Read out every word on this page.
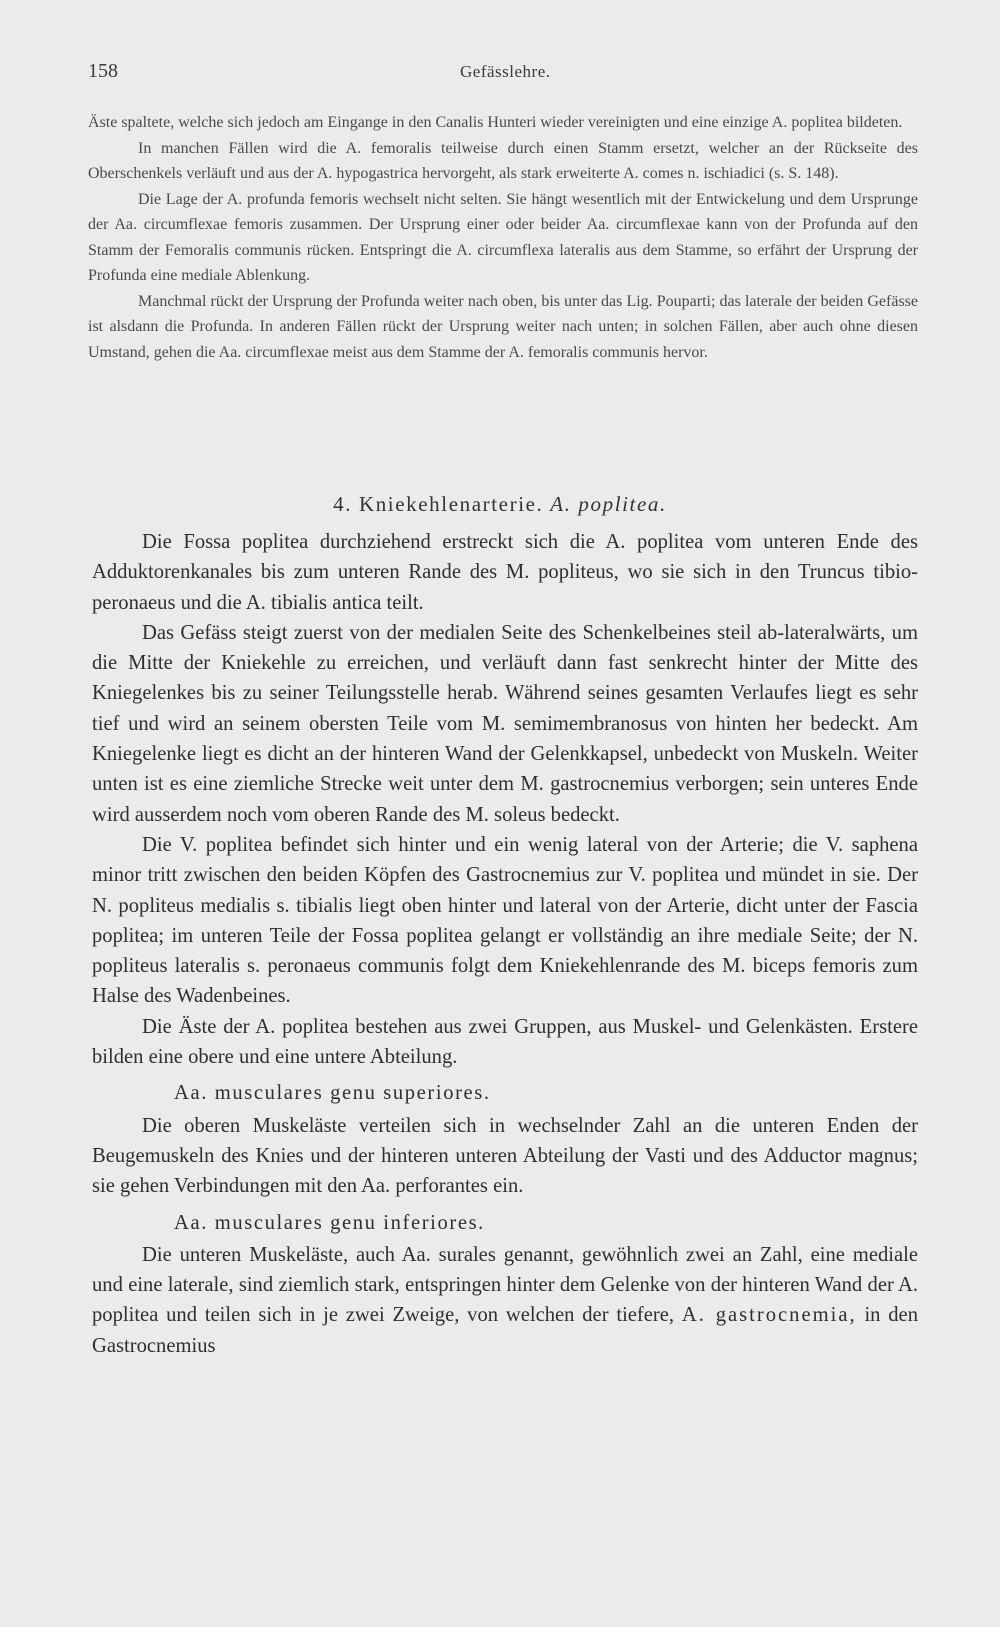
158	Gefässlehre.

Äste spaltete, welche sich jedoch am Eingange in den Canalis Hunteri wieder vereinigten und eine einzige A. poplitea bildeten.

In manchen Fällen wird die A. femoralis teilweise durch einen Stamm ersetzt, welcher an der Rückseite des Oberschenkels verläuft und aus der A. hypogastrica hervorgeht, als stark erweiterte A. comes n. ischiadici (s. S. 148).

Die Lage der A. profunda femoris wechselt nicht selten. Sie hängt wesentlich mit der Entwickelung und dem Ursprunge der Aa. circumflexae femoris zusammen. Der Ursprung einer oder beider Aa. circumflexae kann von der Profunda auf den Stamm der Femoralis communis rücken. Entspringt die A. circumflexa lateralis aus dem Stamme, so erfährt der Ursprung der Profunda eine mediale Ablenkung.

Manchmal rückt der Ursprung der Profunda weiter nach oben, bis unter das Lig. Pouparti; das laterale der beiden Gefässe ist alsdann die Profunda. In anderen Fällen rückt der Ursprung weiter nach unten; in solchen Fällen, aber auch ohne diesen Umstand, gehen die Aa. circumflexae meist aus dem Stamme der A. femoralis communis hervor.

4. Kniekehlenarterie. A. poplitea.

Die Fossa poplitea durchziehend erstreckt sich die A. poplitea vom unteren Ende des Adduktorenkanales bis zum unteren Rande des M. popliteus, wo sie sich in den Truncus tibio-peronaeus und die A. tibialis antica teilt.

Das Gefäss steigt zuerst von der medialen Seite des Schenkelbeines steil ab-lateralwärts, um die Mitte der Kniekehle zu erreichen, und verläuft dann fast senkrecht hinter der Mitte des Kniegelenkes bis zu seiner Teilungsstelle herab. Während seines gesamten Verlaufes liegt es sehr tief und wird an seinem obersten Teile vom M. semimembranosus von hinten her bedeckt. Am Kniegelenke liegt es dicht an der hinteren Wand der Gelenkkapsel, unbedeckt von Muskeln. Weiter unten ist es eine ziemliche Strecke weit unter dem M. gastrocnemius verborgen; sein unteres Ende wird ausserdem noch vom oberen Rande des M. soleus bedeckt.

Die V. poplitea befindet sich hinter und ein wenig lateral von der Arterie; die V. saphena minor tritt zwischen den beiden Köpfen des Gastrocnemius zur V. poplitea und mündet in sie. Der N. popliteus medialis s. tibialis liegt oben hinter und lateral von der Arterie, dicht unter der Fascia poplitea; im unteren Teile der Fossa poplitea gelangt er vollständig an ihre mediale Seite; der N. popliteus lateralis s. peronaeus communis folgt dem Kniekehlenrande des M. biceps femoris zum Halse des Wadenbeines.

Die Äste der A. poplitea bestehen aus zwei Gruppen, aus Muskel- und Gelenkästen. Erstere bilden eine obere und eine untere Abteilung.

Aa. musculares genu superiores.

Die oberen Muskeläste verteilen sich in wechselnder Zahl an die unteren Enden der Beugemuskeln des Knies und der hinteren unteren Abteilung der Vasti und des Adductor magnus; sie gehen Verbindungen mit den Aa. perforantes ein.

Aa. musculares genu inferiores.

Die unteren Muskeläste, auch Aa. surales genannt, gewöhnlich zwei an Zahl, eine mediale und eine laterale, sind ziemlich stark, entspringen hinter dem Gelenke von der hinteren Wand der A. poplitea und teilen sich in je zwei Zweige, von welchen der tiefere, A. gastrocnemia, in den Gastrocnemius
